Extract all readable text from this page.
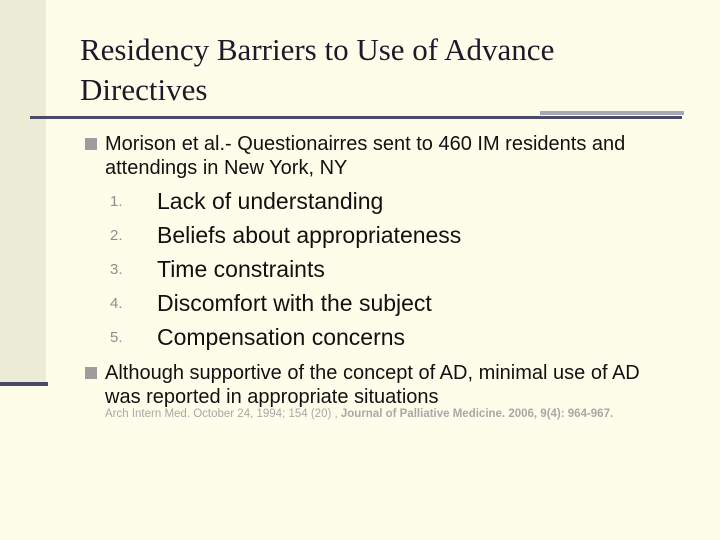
Residency Barriers to Use of Advance Directives
Morison et al.- Questionairres sent to 460 IM residents and attendings in New York, NY
1. Lack of understanding
2. Beliefs about appropriateness
3. Time constraints
4. Discomfort with the subject
5. Compensation concerns
Although supportive of the concept of AD, minimal use of AD was reported in appropriate situations
Arch Intern Med. October 24, 1994; 154 (20) , Journal of Palliative Medicine. 2006, 9(4): 964-967.
